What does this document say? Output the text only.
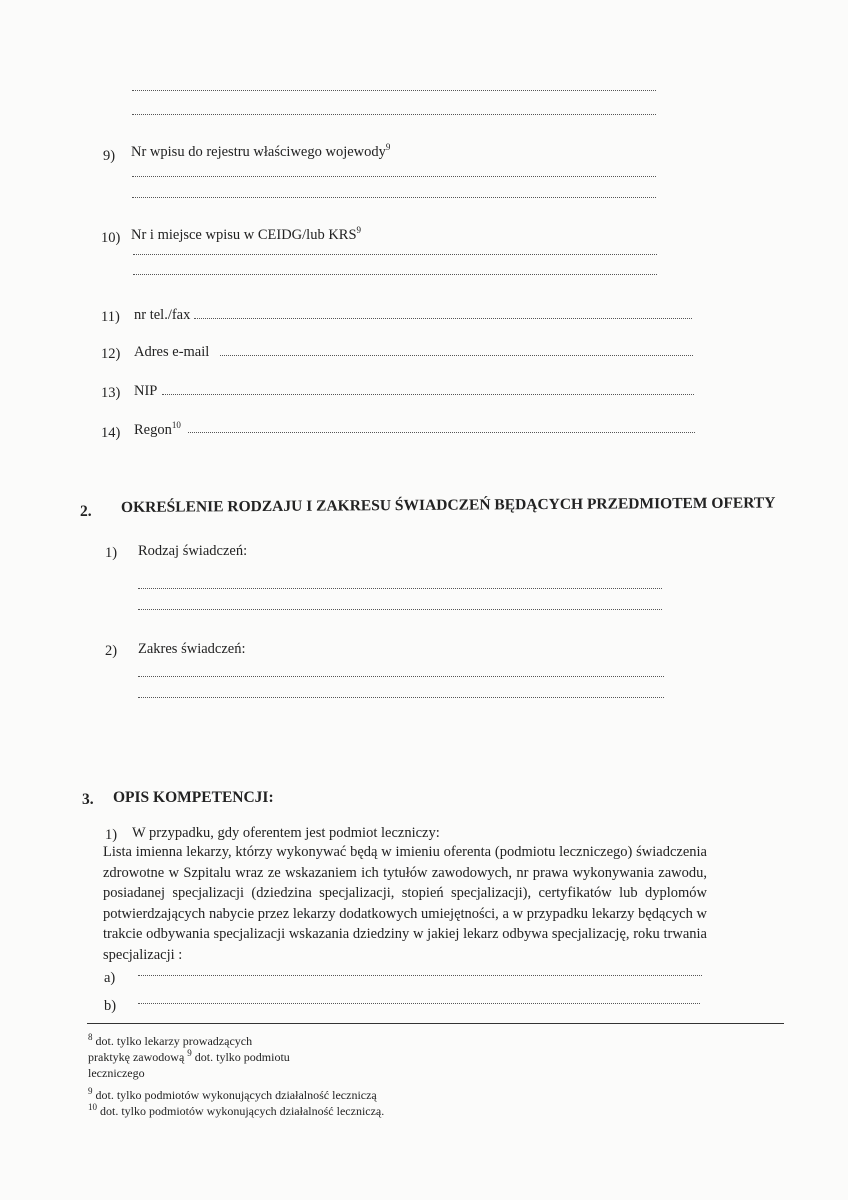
9) Nr wpisu do rejestru właściwego wojewody$^9$
10) Nr i miejsce wpisu w CEIDG/lub KRS$^9$
11) nr tel./fax
12) Adres e-mail
13) NIP
14) Regon$^{10}$
2. OKREŚLENIE RODZAJU I ZAKRESU ŚWIADCZEŃ BĘDĄCYCH PRZEDMIOTEM OFERTY
1) Rodzaj świadczeń:
2) Zakres świadczeń:
3. OPIS KOMPETENCJI:
1) W przypadku, gdy oferentem jest podmiot leczniczy:
Lista imienna lekarzy, którzy wykonywać będą w imieniu oferenta (podmiotu leczniczego) świadczenia zdrowotne w Szpitalu wraz ze wskazaniem ich tytułów zawodowych, nr prawa wykonywania zawodu, posiadanej specjalizacji (dziedzina specjalizacji, stopień specjalizacji), certyfikatów lub dyplomów potwierdzających nabycie przez lekarzy dodatkowych umiejętności, a w przypadku lekarzy będących w trakcie odbywania specjalizacji wskazania dziedziny w jakiej lekarz odbywa specjalizację, roku trwania specjalizacji :
a)
b)
$^8$ dot. tylko lekarzy prowadzących
praktykę zawodową $^9$ dot. tylko podmiotu
leczniczego
$^9$ dot. tylko podmiotów wykonujących działalność leczniczą
$^{10}$ dot. tylko podmiotów wykonujących działalność leczniczą.
